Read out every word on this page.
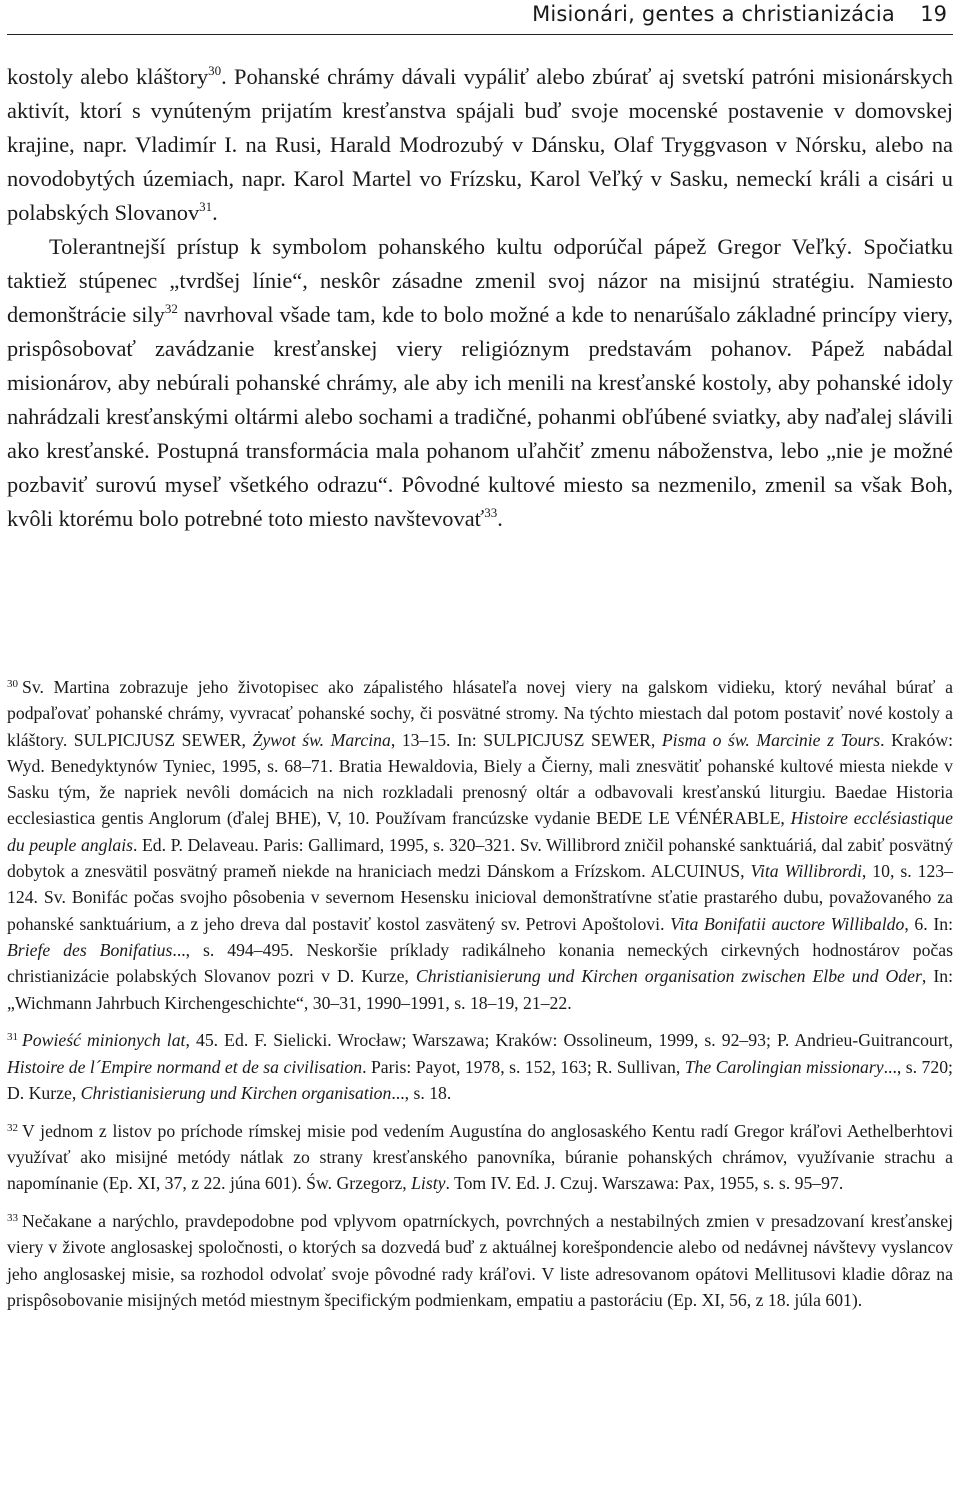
Misionári, gentes a christianizácia 19

kostoly alebo kláštory$^{30}$. Pohanské chrámy dávali vypáliť alebo zbúrať aj svetskí patróni misionárskych aktivít, ktorí s vynúteným prijatím kresťanstva spájali buď svoje mocenské postavenie v domovskej krajine, napr. Vladimír I. na Rusi, Harald Modrozubý v Dánsku, Olaf Tryggvason v Nórsku, alebo na novodobytých územiach, napr. Karol Martel vo Frízsku, Karol Veľký v Sasku, nemeckí králi a cisári u polabských Slovanov$^{31}$.

Tolerantnejší prístup k symbolom pohanského kultu odporúčal pápež Gregor Veľký. Spočiatku taktiež stúpenec „tvrdšej línie“, neskôr zásadne zmenil svoj názor na misijnú stratégiu. Namiesto demonštrácie sily$^{32}$ navrhoval všade tam, kde to bolo možné a kde to nenarúšalo základné princípy viery, prispôsobovať zavádzanie kresťanskej viery religióznym predstavám pohanov. Pápež nabádal misionárov, aby nebúrali pohanské chrámy, ale aby ich menili na kresťanské kostoly, aby pohanské idoly nahrádzali kresťanskými oltármi alebo sochami a tradičné, pohanmi obľúbené sviatky, aby naďalej slávili ako kresťanské. Postupná transformácia mala pohanom uľahčiť zmenu náboženstva, lebo „nie je možné pozbaviť surovú myseľ všetkého odrazu“. Pôvodné kultové miesto sa nezmenilo, zmenil sa však Boh, kvôli ktorému bolo potrebné toto miesto navštevovať$^{33}$.

$^{30}$ Sv. Martina zobrazuje jeho životopisec ako zápalistého hlásateľa novej viery na galskom vidieku, ktorý neváhal búrať a podpaľovať pohanské chrámy, vyvracať pohanské sochy, či posvätné stromy. Na týchto miestach dal potom postaviť nové kostoly a kláštory. SULPICJUSZ SEWER, Żywot św. Marcina, 13–15. In: SULPICJUSZ SEWER, Pisma o św. Marcinie z Tours. Kraków: Wyd. Benedyktynów Tyniec, 1995, s. 68–71. Bratia Hewaldovia, Biely a Čierny, mali znesvätiť pohanské kultové miesta niekde v Sasku tým, že napriek nevôli domácich na nich rozkladali prenosný oltár a odbavovali kresťanskú liturgiu. Baedae Historia ecclesiastica gentis Anglorum (ďalej BHE), V, 10. Používam francúzske vydanie BEDE LE VÉNÉRABLE, Histoire ecclésiastique du peuple anglais. Ed. P. Delaveau. Paris: Gallimard, 1995, s. 320–321. Sv. Willibrord zničil pohanské sanktuáriá, dal zabiť posvätný dobytok a znesvätil posvätný prameň niekde na hraniciach medzi Dánskom a Frízskom. ALCUINUS, Vita Willibrordi, 10, s. 123–124. Sv. Bonifác počas svojho pôsobenia v severnom Hesensku inicioval demonštratívne sťatie prastarého dubu, považovaného za pohanské sanktuárium, a z jeho dreva dal postaviť kostol zasvätený sv. Petrovi Apoštolovi. Vita Bonifatii auctore Willibaldo, 6. In: Briefe des Bonifatius..., s. 494–495. Neskoršie príklady radikálneho konania nemeckých cirkevných hodnostárov počas christianizácie polabských Slovanov pozri v D. Kurze, Christianisierung und Kirchen organisation zwischen Elbe und Oder, In: „Wichmann Jahrbuch Kirchengeschichte“, 30–31, 1990–1991, s. 18–19, 21–22.

$^{31}$ Powieść minionych lat, 45. Ed. F. Sielicki. Wrocław; Warszawa; Kraków: Ossolineum, 1999, s. 92–93; P. Andrieu-Guitrancourt, Histoire de l´Empire normand et de sa civilisation. Paris: Payot, 1978, s. 152, 163; R. Sullivan, The Carolingian missionary..., s. 720; D. Kurze, Christianisierung und Kirchen organisation..., s. 18.

$^{32}$ V jednom z listov po príchode rímskej misie pod vedením Augustína do anglosaského Kentu radí Gregor kráľovi Aethelberhtovi využívať ako misijné metódy nátlak zo strany kresťanského panovníka, búranie pohanských chrámov, využívanie strachu a napomínanie (Ep. XI, 37, z 22. júna 601). Św. Grzegorz, Listy. Tom IV. Ed. J. Czuj. Warszawa: Pax, 1955, s. s. 95–97.

$^{33}$ Nečakane a narýchlo, pravdepodobne pod vplyvom opatrníckych, povrchných a nestabilných zmien v presadzovaní kresťanskej viery v živote anglosaskej spoločnosti, o ktorých sa dozvedá buď z aktuálnej korešpondencie alebo od nedávnej návštevy vyslancov jeho anglosaskej misie, sa rozhodol odvolať svoje pôvodné rady kráľovi. V liste adresovanom opátovi Mellitusovi kladie dôraz na prispôsobovanie misijných metód miestnym špecifickým podmienkam, empatiu a pastoráciu (Ep. XI, 56, z 18. júla 601).
